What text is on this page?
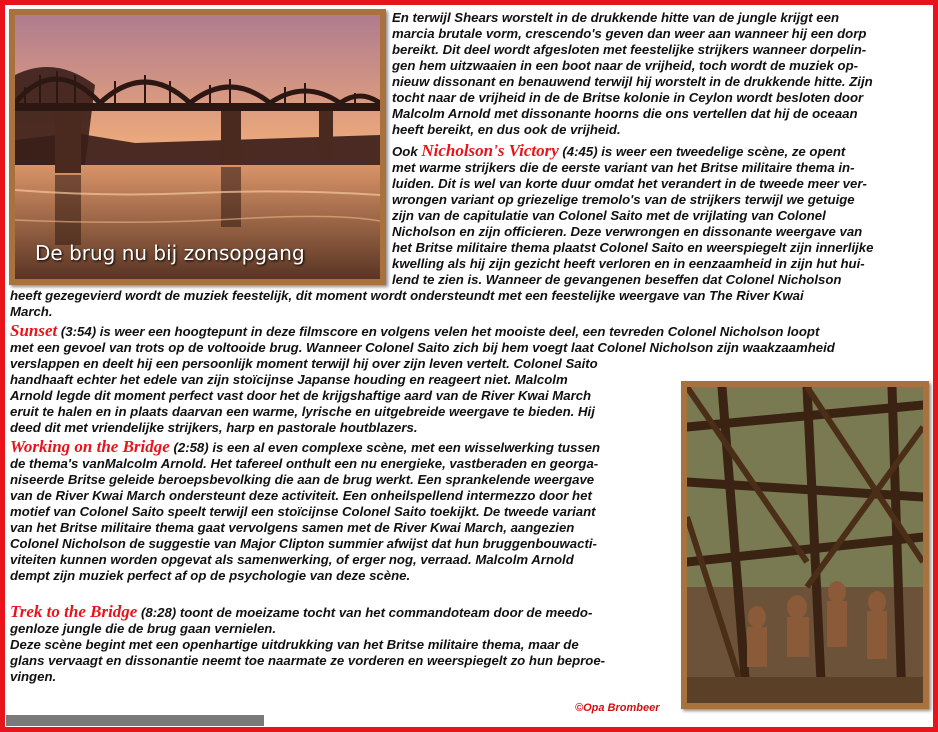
De brug nu bij zonsopgang
En terwijl Shears worstelt in de drukkende hitte van de jungle krijgt een
marcia brutale vorm, crescendo's geven dan weer aan wanneer hij een dorp
bereikt. Dit deel wordt afgesloten met feestelijke strijkers wanneer dorpelin-
gen hem uitzwaaien in een boot naar de vrijheid, toch wordt de muziek op-
nieuw dissonant en benauwend terwijl hij worstelt in de drukkende hitte. Zijn
tocht naar de vrijheid in de de Britse kolonie in Ceylon wordt besloten door
Malcolm Arnold met dissonante hoorns die ons vertellen dat hij de oceaan
heeft bereikt, en dus ook de vrijheid.
Ook Nicholson's Victory (4:45) is weer een tweedelige scène, ze opent
met warme strijkers die de eerste variant van het Britse militaire thema in-
luiden. Dit is wel van korte duur omdat het verandert in de tweede meer ver-
wrongen variant op griezelige tremolo's van de strijkers terwijl we getuige
zijn van de capitulatie van Colonel Saito met de vrijlating van Colonel
Nicholson en zijn officieren. Deze verwrongen en dissonante weergave van
het Britse militaire thema plaatst Colonel Saito en weerspiegelt zijn innerlijke
kwelling als hij zijn gezicht heeft verloren en in eenzaamheid in zijn hut hui-
lend te zien is. Wanneer de gevangenen beseffen dat Colonel Nicholson
heeft gezegevierd wordt de muziek feestelijk, dit moment wordt ondersteundt met een feestelijke weergave van The River Kwai
March.
Sunset (3:54) is weer een hoogtepunt in deze filmscore en volgens velen het mooiste deel, een tevreden Colonel Nicholson loopt
met een gevoel van trots op de voltooide brug. Wanneer Colonel Saito zich bij hem voegt laat Colonel Nicholson zijn waakzaamheid
verslappen en deelt hij een persoonlijk moment terwijl hij over zijn leven vertelt. Colonel Saito
handhaaft echter het edele van zijn stoïcijnse Japanse houding en reageert niet. Malcolm
Arnold legde dit moment perfect vast door het de krijgshaftige aard van de River Kwai March
eruit te halen en in plaats daarvan een warme, lyrische en uitgebreide weergave te bieden. Hij
deed dit met vriendelijke strijkers, harp en pastorale houtblazers.
Working on the Bridge (2:58) is een al even complexe scène, met een wisselwerking tussen
de thema's vanMalcolm Arnold. Het tafereel onthult een nu energieke, vastberaden en georga-
niseerde Britse geleide beroepsbevolking die aan de brug werkt. Een sprankelende weergave
van de River Kwai March ondersteunt deze activiteit. Een onheilspellend intermezzo door het
motief van Colonel Saito speelt terwijl een stoïcijnse Colonel Saito toekijkt. De tweede variant
van het Britse militaire thema gaat vervolgens samen met de River Kwai March, aangezien
Colonel Nicholson de suggestie van Major Clipton summier afwijst dat hun bruggenbouwacti-
viteiten kunnen worden opgevat als samenwerking, of erger nog, verraad. Malcolm Arnold
dempt zijn muziek perfect af op de psychologie van deze scène.
Trek to the Bridge (8:28) toont de moeizame tocht van het commandoteam door de meedo-
genloze jungle die de brug gaan vernielen.
Deze scène begint met een openhartige uitdrukking van het Britse militaire thema, maar de
glans vervaagt en dissonantie neemt toe naarmate ze vorderen en weerspiegelt zo hun beproe-
vingen.
©Opa Brombeer
